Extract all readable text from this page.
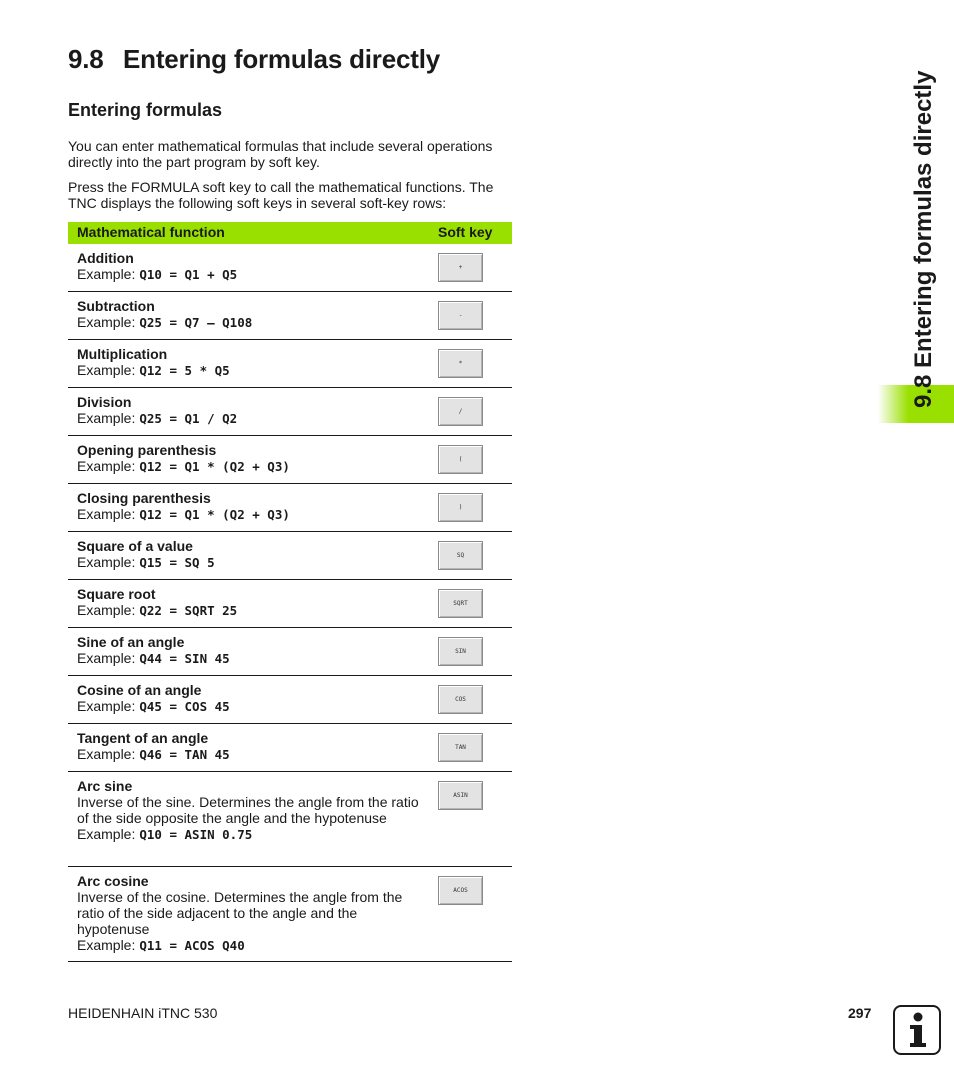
9.8 Entering formulas directly
Entering formulas

You can enter mathematical formulas that include several operations directly into the part program by soft key.

Press the FORMULA soft key to call the mathematical functions. The TNC displays the following soft keys in several soft-key rows:

Mathematical function	Soft key
Addition
Example: Q10 = Q1 + Q5	+
Subtraction
Example: Q25 = Q7 – Q108	-
Multiplication
Example: Q12 = 5 * Q5	*
Division
Example: Q25 = Q1 / Q2	/
Opening parenthesis
Example: Q12 = Q1 * (Q2 + Q3)	(
Closing parenthesis
Example: Q12 = Q1 * (Q2 + Q3)	)
Square of a value
Example: Q15 = SQ 5	SQ
Square root
Example: Q22 = SQRT 25	SQRT
Sine of an angle
Example: Q44 = SIN 45	SIN
Cosine of an angle
Example: Q45 = COS 45	COS
Tangent of an angle
Example: Q46 = TAN 45	TAN
Arc sine
Inverse of the sine. Determines the angle from the ratio of the side opposite the angle and the hypotenuse
Example: Q10 = ASIN 0.75
ASIN
Arc cosine
Inverse of the cosine. Determines the angle from the ratio of the side adjacent to the angle and the hypotenuse
Example: Q11 = ACOS Q40
ACOS
9.8 Entering formulas directly
HEIDENHAIN iTNC 530	297
